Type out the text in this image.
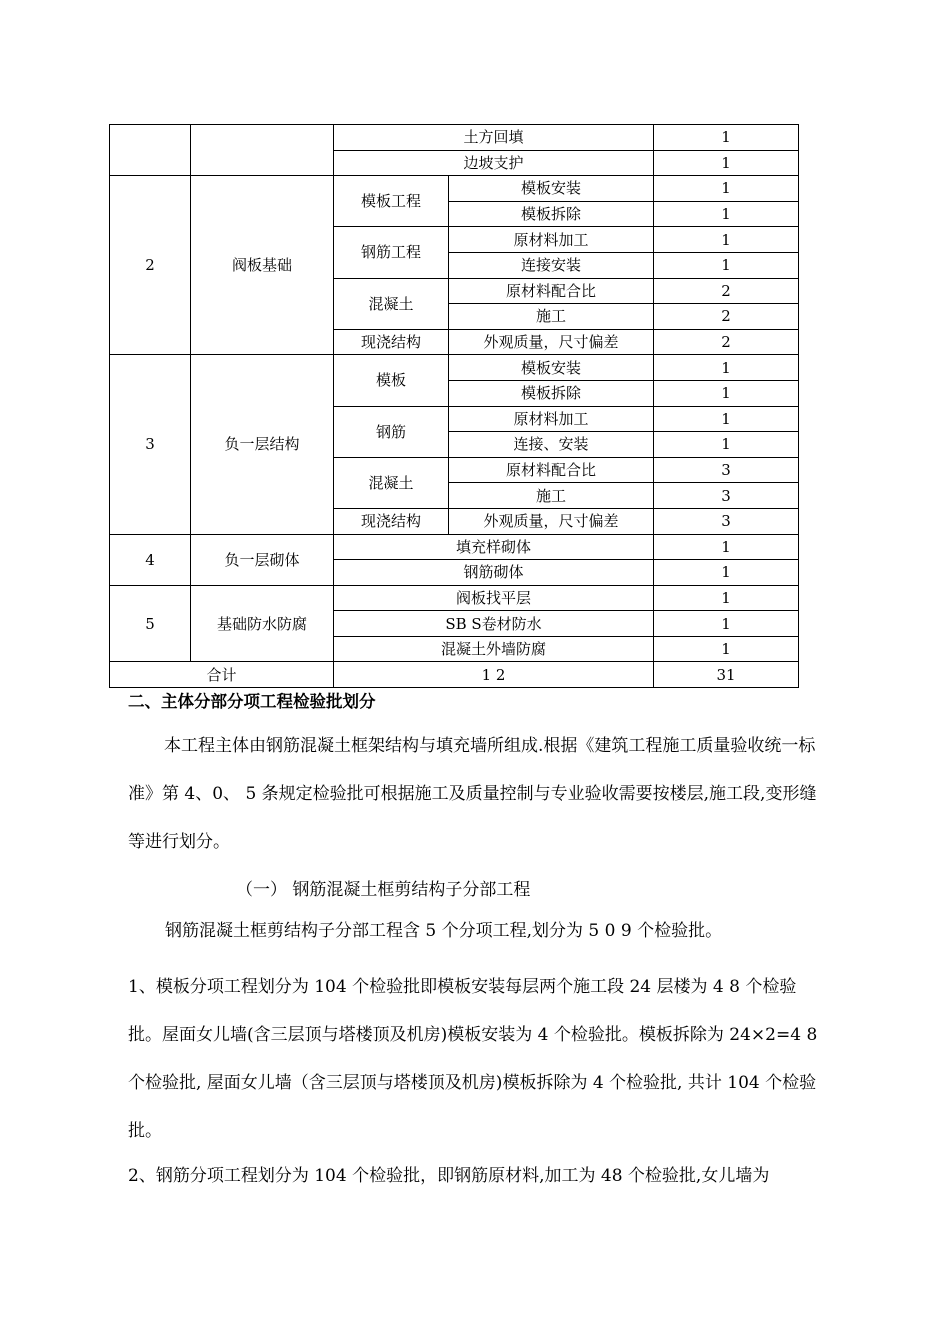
		土方回填		1
		边坡支护		1
2	阀板基础	模板工程	模板安装	1
			模板拆除	1
		钢筋工程	原材料加工	1
			连接安装	1
		混凝土	原材料配合比	2
			施工	2
		现浇结构	外观质量，尺寸偏差	2
3	负一层结构	模板	模板安装	1
			模板拆除	1
		钢筋	原材料加工	1
			连接、安装	1
		混凝土	原材料配合比	3
			施工	3
		现浇结构	外观质量，尺寸偏差	3
4	负一层砌体	填充样砌体		1
		钢筋砌体		1
5	基础防水防腐	阀板找平层		1
		SB S卷材防水		1
		混凝土外墙防腐		1
合计		1 2		31
二、主体分部分项工程检验批划分
本工程主体由钢筋混凝土框架结构与填充墙所组成.根据《建筑工程施工质量验收统一标准》第 4、0、 5 条规定检验批可根据施工及质量控制与专业验收需要按楼层,施工段,变形缝等进行划分。
（一） 钢筋混凝土框剪结构子分部工程
钢筋混凝土框剪结构子分部工程含 5 个分项工程,划分为 5 0 9 个检验批。
1、模板分项工程划分为 104 个检验批即模板安装每层两个施工段 24 层楼为 4 8 个检验批。屋面女儿墙(含三层顶与塔楼顶及机房)模板安装为 4 个检验批。模板拆除为 24×2=4 8 个检验批, 屋面女儿墙（含三层顶与塔楼顶及机房)模板拆除为 4 个检验批, 共计 104 个检验批。
2、钢筋分项工程划分为 104 个检验批，即钢筋原材料,加工为 48 个检验批,女儿墙为
